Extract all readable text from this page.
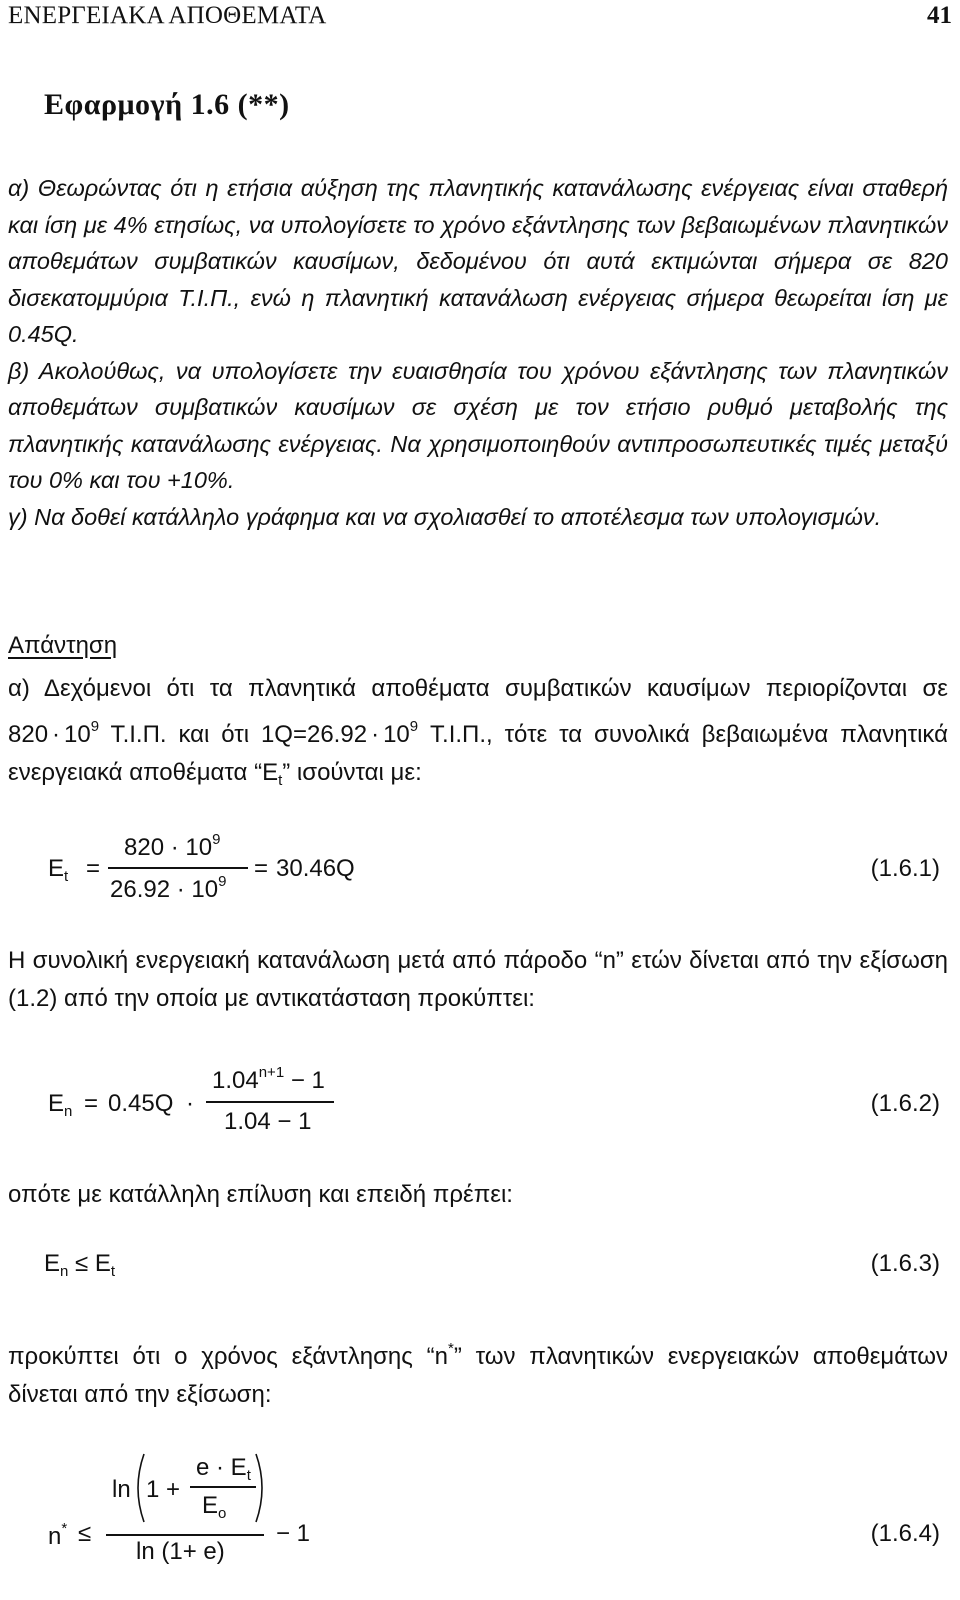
ΕΝΕΡΓΕΙΑΚΑ ΑΠΟΘΕΜΑΤΑ	41
Εφαρμογή 1.6 (**)

α) Θεωρώντας ότι η ετήσια αύξηση της πλανητικής κατανάλωσης ενέργειας είναι σταθερή και ίση με 4% ετησίως, να υπολογίσετε το χρόνο εξάντλησης των βεβαιωμένων πλανητικών αποθεμάτων συμβατικών καυσίμων, δεδομένου ότι αυτά εκτιμώνται σήμερα σε 820 δισεκατομμύρια Τ.Ι.Π., ενώ η πλανητική κατανάλωση ενέργειας σήμερα θεωρείται ίση με 0.45Q.

β) Ακολούθως, να υπολογίσετε την ευαισθησία του χρόνου εξάντλησης των πλανητικών αποθεμάτων συμβατικών καυσίμων σε σχέση με τον ετήσιο ρυθμό μεταβολής της πλανητικής κατανάλωσης ενέργειας. Να χρησιμοποιηθούν αντιπροσωπευτικές τιμές μεταξύ του 0% και του +10%.

γ) Να δοθεί κατάλληλο γράφημα και να σχολιασθεί το αποτέλεσμα των υπολογισμών.

Απάντηση

α) Δεχόμενοι ότι τα πλανητικά αποθέματα συμβατικών καυσίμων περιορίζονται σε $820 \cdot 10^9$ Τ.Ι.Π. και ότι $1Q=26.92 \cdot 10^9$ Τ.Ι.Π., τότε τα συνολικά βεβαιωμένα πλανητικά ενεργειακά αποθέματα “$E_t$” ισούνται με:

$E_t$ =
$820 \cdot 10^9$
$26.92 \cdot 10^9 = 30.46Q$	(1.6.1)

Η συνολική ενεργειακή κατανάλωση μετά από πάροδο “n” ετών δίνεται από την εξίσωση (1.2) από την οποία με αντικατάσταση προκύπτει:

$E_n = 0.45Q$ ·
$1.04^{n+1} - 1$
1.04 − 1
(1.6.2)

οπότε με κατάλληλη επίλυση και επειδή πρέπει:

$E_n \le E_t$	(1.6.3)

προκύπτει ότι ο χρόνος εξάντλησης “n*” των πλανητικών ενεργειακών αποθεμάτων δίνεται από την εξίσωση:

n* ≤
ln 1 +
$e \cdot E_t$
$E_o$
ln (1+ e)
− 1	(1.6.4)
